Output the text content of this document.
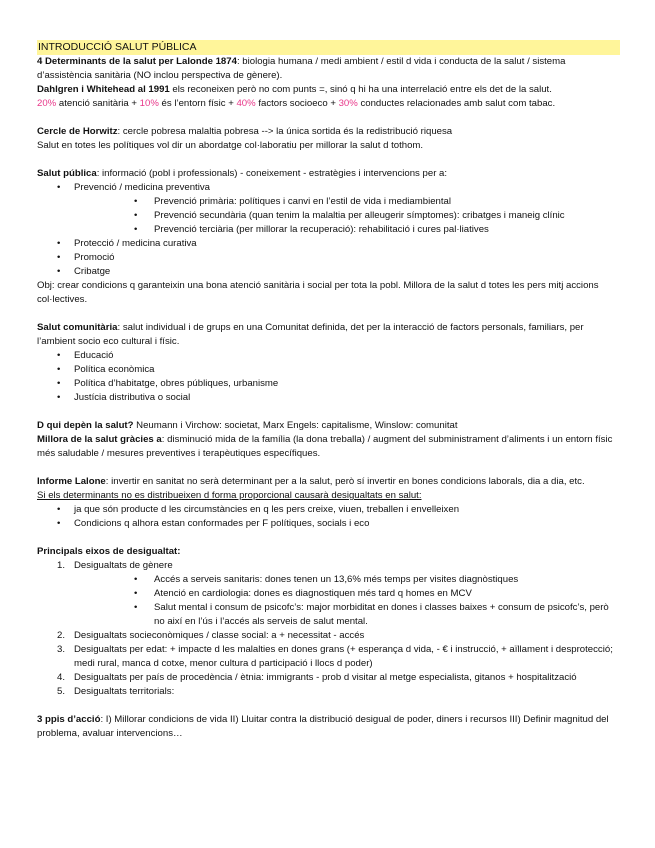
INTRODUCCIÓ SALUT PÚBLICA

4 Determinants de la salut per Lalonde 1874: biologia humana / medi ambient / estil d vida i conducta de la salut / sistema d’assistència sanitària (NO inclou perspectiva de gènere).

Dahlgren i Whitehead al 1991 els reconeixen però no com punts =, sinó q hi ha una interrelació entre els det de la salut.

20% atenció sanitària + 10% és l’entorn físic + 40% factors socioeco + 30% conductes relacionades amb salut com tabac.

Cercle de Horwitz: cercle pobresa malaltia pobresa --> la única sortida és la redistribució riquesa

Salut en totes les polítiques vol dir un abordatge col·laboratiu per millorar la salut d tothom.

Salut pública: informació (pobl i professionals) - coneixement - estratègies i intervencions per a:

• Prevenció / medicina preventiva
• Prevenció primària: polítiques i canvi en l’estil de vida i mediambiental
• Prevenció secundària (quan tenim la malaltia per alleugerir símptomes): cribatges i maneig clínic
• Prevenció terciària (per millorar la recuperació): rehabilitació i cures pal·liatives
• Protecció / medicina curativa
• Promoció
• Cribatge

Obj: crear condicions q garanteixin una bona atenció sanitària i social per tota la pobl. Millora de la salut d totes les pers mitj accions col·lectives.

Salut comunitària: salut individual i de grups en una Comunitat definida, det per la interacció de factors personals, familiars, per l’ambient socio eco cultural i físic.

• Educació
• Política econòmica
• Política d’habitatge, obres públiques, urbanisme
• Justícia distributiva o social

D qui depèn la salut? Neumann i Virchow: societat, Marx Engels: capitalisme, Winslow: comunitat

Millora de la salut gràcies a: disminució mida de la família (la dona treballa) / augment del subministrament d’aliments i un entorn físic més saludable / mesures preventives i terapèutiques específiques.

Informe Lalone: invertir en sanitat no serà determinant per a la salut, però sí invertir en bones condicions laborals, dia a dia, etc.

Si els determinants no es distribueixen d forma proporcional causarà desigualtats en salut:

• ja que són producte d les circumstàncies en q les pers creixe, viuen, treballen i envelleixen
• Condicions q alhora estan conformades per F polítiques, socials i eco

Principals eixos de desigualtat:

1. Desigualtats de gènere
• Accés a serveis sanitaris: dones tenen un 13,6% més temps per visites diagnòstiques
• Atenció en cardiologia: dones es diagnostiquen més tard q homes en MCV
• Salut mental i consum de psicofc’s: major morbiditat en dones i classes baixes + consum de psicofc’s, però no així en l’ús i l’accés als serveis de salut mental.
2. Desigualtats socieconòmiques / classe social: a + necessitat - accés
3. Desigualtats per edat: + impacte d les malalties en dones grans (+ esperança d vida, - € i instrucció, + aïllament i desprotecció; medi rural, manca d cotxe, menor cultura d participació i llocs d poder)
4. Desigualtats per país de procedència / ètnia: immigrants - prob d visitar al metge especialista, gitanos + hospitalització
5. Desigualtats territorials:

3 ppis d’acció: I) Millorar condicions de vida II) Lluitar contra la distribució desigual de poder, diners i recursos III) Definir magnitud del problema, avaluar intervencions…
